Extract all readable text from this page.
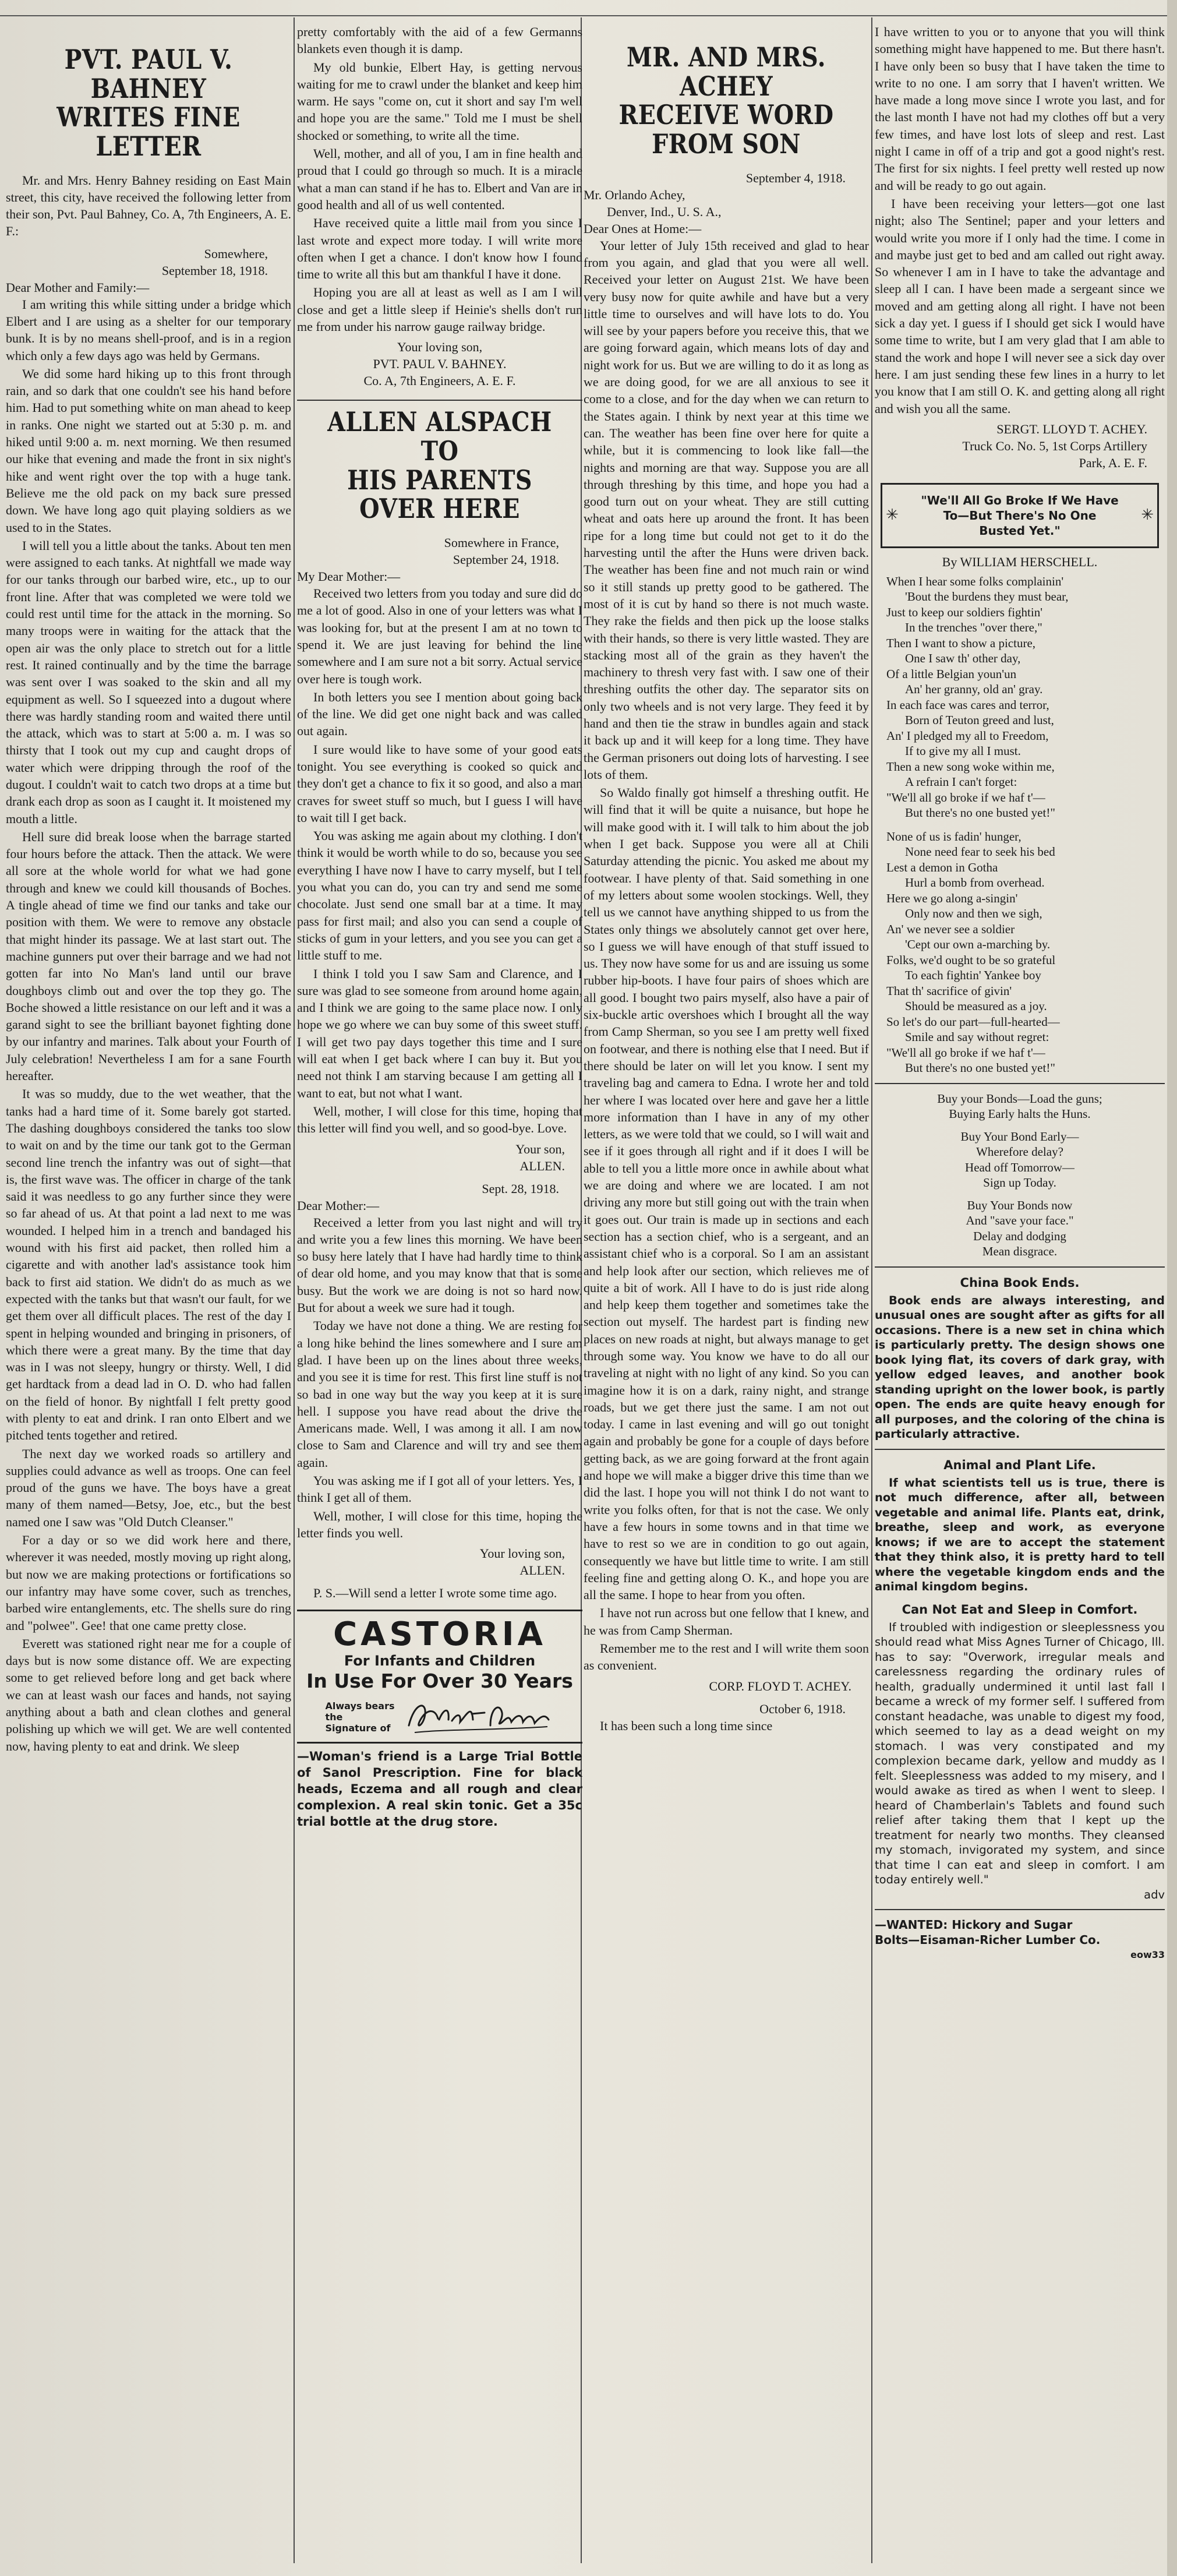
PVT. PAUL V. BAHNEY
WRITES FINE LETTER

Mr. and Mrs. Henry Bahney residing on East Main street, this city, have received the following letter from their son, Pvt. Paul Bahney, Co. A, 7th Engineers, A. E. F.:

Somewhere,
September 18, 1918.
Dear Mother and Family:—

I am writing this while sitting under a bridge which Elbert and I are using as a shelter for our temporary bunk. It is by no means shell-proof, and is in a region which only a few days ago was held by Germans.

We did some hard hiking up to this front through rain, and so dark that one couldn't see his hand before him. Had to put something white on man ahead to keep in ranks. One night we started out at 5:30 p. m. and hiked until 9:00 a. m. next morning. We then resumed our hike that evening and made the front in six night's hike and went right over the top with a huge tank. Believe me the old pack on my back sure pressed down. We have long ago quit playing soldiers as we used to in the States.

I will tell you a little about the tanks. About ten men were assigned to each tanks. At nightfall we made way for our tanks through our barbed wire, etc., up to our front line. After that was completed we were told we could rest until time for the attack in the morning. So many troops were in waiting for the attack that the open air was the only place to stretch out for a little rest. It rained continually and by the time the barrage was sent over I was soaked to the skin and all my equipment as well. So I squeezed into a dugout where there was hardly standing room and waited there until the attack, which was to start at 5:00 a. m. I was so thirsty that I took out my cup and caught drops of water which were dripping through the roof of the dugout. I couldn't wait to catch two drops at a time but drank each drop as soon as I caught it. It moistened my mouth a little.

Hell sure did break loose when the barrage started four hours before the attack. Then the attack. We were all sore at the whole world for what we had gone through and knew we could kill thousands of Boches. A tingle ahead of time we find our tanks and take our position with them. We were to remove any obstacle that might hinder its passage. We at last start out. The machine gunners put over their barrage and we had not gotten far into No Man's land until our brave doughboys climb out and over the top they go. The Boche showed a little resistance on our left and it was a garand sight to see the brilliant bayonet fighting done by our infantry and marines. Talk about your Fourth of July celebration! Nevertheless I am for a sane Fourth hereafter.

It was so muddy, due to the wet weather, that the tanks had a hard time of it. Some barely got started. The dashing doughboys considered the tanks too slow to wait on and by the time our tank got to the German second line trench the infantry was out of sight—that is, the first wave was. The officer in charge of the tank said it was needless to go any further since they were so far ahead of us. At that point a lad next to me was wounded. I helped him in a trench and bandaged his wound with his first aid packet, then rolled him a cigarette and with another lad's assistance took him back to first aid station. We didn't do as much as we expected with the tanks but that wasn't our fault, for we get them over all difficult places. The rest of the day I spent in helping wounded and bringing in prisoners, of which there were a great many. By the time that day was in I was not sleepy, hungry or thirsty. Well, I did get hardtack from a dead lad in O. D. who had fallen on the field of honor. By nightfall I felt pretty good with plenty to eat and drink. I ran onto Elbert and we pitched tents together and retired.

The next day we worked roads so artillery and supplies could advance as well as troops. One can feel proud of the guns we have. The boys have a great many of them named—Betsy, Joe, etc., but the best named one I saw was "Old Dutch Cleanser."

For a day or so we did work here and there, wherever it was needed, mostly moving up right along, but now we are making protections or fortifications so our infantry may have some cover, such as trenches, barbed wire entanglements, etc. The shells sure do ring and "polwee". Gee! that one came pretty close.

Everett was stationed right near me for a couple of days but is now some distance off. We are expecting some to get relieved before long and get back where we can at least wash our faces and hands, not saying anything about a bath and clean clothes and general polishing up which we will get. We are well contented now, having plenty to eat and drink. We sleep

pretty comfortably with the aid of a few Germanns blankets even though it is damp.

My old bunkie, Elbert Hay, is getting nervous waiting for me to crawl under the blanket and keep him warm. He says "come on, cut it short and say I'm well and hope you are the same." Told me I must be shell shocked or something, to write all the time.

Well, mother, and all of you, I am in fine health and proud that I could go through so much. It is a miracle what a man can stand if he has to. Elbert and Van are in good health and all of us well contented.

Have received quite a little mail from you since I last wrote and expect more today. I will write more often when I get a chance. I don't know how I found time to write all this but am thankful I have it done.

Hoping you are all at least as well as I am I will close and get a little sleep if Heinie's shells don't run me from under his narrow gauge railway bridge.

Your loving son,
PVT. PAUL V. BAHNEY.
Co. A, 7th Engineers, A. E. F.
ALLEN ALSPACH TO
HIS PARENTS OVER HERE
Somewhere in France,
September 24, 1918.
My Dear Mother:—

Received two letters from you today and sure did do me a lot of good. Also in one of your letters was what I was looking for, but at the present I am at no town to spend it. We are just leaving for behind the line somewhere and I am sure not a bit sorry. Actual service over here is tough work.

In both letters you see I mention about going back of the line. We did get one night back and was called out again.

I sure would like to have some of your good eats tonight. You see everything is cooked so quick and they don't get a chance to fix it so good, and also a man craves for sweet stuff so much, but I guess I will have to wait till I get back.

You was asking me again about my clothing. I don't think it would be worth while to do so, because you see everything I have now I have to carry myself, but I tell you what you can do, you can try and send me some chocolate. Just send one small bar at a time. It may pass for first mail; and also you can send a couple of sticks of gum in your letters, and you see you can get a little stuff to me.

I think I told you I saw Sam and Clarence, and I sure was glad to see someone from around home again, and I think we are going to the same place now. I only hope we go where we can buy some of this sweet stuff. I will get two pay days together this time and I sure will eat when I get back where I can buy it. But you need not think I am starving because I am getting all I want to eat, but not what I want.

Well, mother, I will close for this time, hoping that this letter will find you well, and so good-bye. Love.

Your son,
ALLEN.
Sept. 28, 1918.
Dear Mother:—

Received a letter from you last night and will try and write you a few lines this morning. We have been so busy here lately that I have had hardly time to think of dear old home, and you may know that that is some busy. But the work we are doing is not so hard now. But for about a week we sure had it tough.

Today we have not done a thing. We are resting for a long hike behind the lines somewhere and I sure am glad. I have been up on the lines about three weeks, and you see it is time for rest. This first line stuff is not so bad in one way but the way you keep at it is sure hell. I suppose you have read about the drive the Americans made. Well, I was among it all. I am now close to Sam and Clarence and will try and see them again.

You was asking me if I got all of your letters. Yes, I think I get all of them.

Well, mother, I will close for this time, hoping the letter finds you well.

Your loving son,
ALLEN.

P. S.—Will send a letter I wrote some time ago.

CASTORIA
For Infants and Children
In Use For Over 30 Years
Always bears
the
Signature of
—Woman's friend is a Large Trial Bottle of Sanol Prescription. Fine for black heads, Eczema and all rough and clear complexion. A real skin tonic. Get a 35c trial bottle at the drug store.
MR. AND MRS. ACHEY
RECEIVE WORD FROM SON
September 4, 1918.
Mr. Orlando Achey,
Denver, Ind., U. S. A.,
Dear Ones at Home:—

Your letter of July 15th received and glad to hear from you again, and glad that you were all well. Received your letter on August 21st. We have been very busy now for quite awhile and have but a very little time to ourselves and will have lots to do. You will see by your papers before you receive this, that we are going forward again, which means lots of day and night work for us. But we are willing to do it as long as we are doing good, for we are all anxious to see it come to a close, and for the day when we can return to the States again. I think by next year at this time we can. The weather has been fine over here for quite a while, but it is commencing to look like fall—the nights and morning are that way. Suppose you are all through threshing by this time, and hope you had a good turn out on your wheat. They are still cutting wheat and oats here up around the front. It has been ripe for a long time but could not get to it do the harvesting until the after the Huns were driven back. The weather has been fine and not much rain or wind so it still stands up pretty good to be gathered. The most of it is cut by hand so there is not much waste. They rake the fields and then pick up the loose stalks with their hands, so there is very little wasted. They are stacking most all of the grain as they haven't the machinery to thresh very fast with. I saw one of their threshing outfits the other day. The separator sits on only two wheels and is not very large. They feed it by hand and then tie the straw in bundles again and stack it back up and it will keep for a long time. They have the German prisoners out doing lots of harvesting. I see lots of them.

So Waldo finally got himself a threshing outfit. He will find that it will be quite a nuisance, but hope he will make good with it. I will talk to him about the job when I get back. Suppose you were all at Chili Saturday attending the picnic. You asked me about my footwear. I have plenty of that. Said something in one of my letters about some woolen stockings. Well, they tell us we cannot have anything shipped to us from the States only things we absolutely cannot get over here, so I guess we will have enough of that stuff issued to us. They now have some for us and are issuing us some rubber hip-boots. I have four pairs of shoes which are all good. I bought two pairs myself, also have a pair of six-buckle artic overshoes which I brought all the way from Camp Sherman, so you see I am pretty well fixed on footwear, and there is nothing else that I need. But if there should be later on will let you know. I sent my traveling bag and camera to Edna. I wrote her and told her where I was located over here and gave her a little more information than I have in any of my other letters, as we were told that we could, so I will wait and see if it goes through all right and if it does I will be able to tell you a little more once in awhile about what we are doing and where we are located. I am not driving any more but still going out with the train when it goes out. Our train is made up in sections and each section has a section chief, who is a sergeant, and an assistant chief who is a corporal. So I am an assistant and help look after our section, which relieves me of quite a bit of work. All I have to do is just ride along and help keep them together and sometimes take the section out myself. The hardest part is finding new places on new roads at night, but always manage to get through some way. You know we have to do all our traveling at night with no light of any kind. So you can imagine how it is on a dark, rainy night, and strange roads, but we get there just the same. I am not out today. I came in last evening and will go out tonight again and probably be gone for a couple of days before getting back, as we are going forward at the front again and hope we will make a bigger drive this time than we did the last. I hope you will not think I do not want to write you folks often, for that is not the case. We only have a few hours in some towns and in that time we have to rest so we are in condition to go out again, consequently we have but little time to write. I am still feeling fine and getting along O. K., and hope you are all the same. I hope to hear from you often.

I have not run across but one fellow that I knew, and he was from Camp Sherman.

Remember me to the rest and I will write them soon as convenient.

CORP. FLOYD T. ACHEY.
October 6, 1918.

It has been such a long time since

I have written to you or to anyone that you will think something might have happened to me. But there hasn't. I have only been so busy that I have taken the time to write to no one. I am sorry that I haven't written. We have made a long move since I wrote you last, and for the last month I have not had my clothes off but a very few times, and have lost lots of sleep and rest. Last night I came in off of a trip and got a good night's rest. The first for six nights. I feel pretty well rested up now and will be ready to go out again.

I have been receiving your letters—got one last night; also The Sentinel; paper and your letters and would write you more if I only had the time. I come in and maybe just get to bed and am called out right away. So whenever I am in I have to take the advantage and sleep all I can. I have been made a sergeant since we moved and am getting along all right. I have not been sick a day yet. I guess if I should get sick I would have some time to write, but I am very glad that I am able to stand the work and hope I will never see a sick day over here. I am just sending these few lines in a hurry to let you know that I am still O. K. and getting along all right and wish you all the same.

SERGT. LLOYD T. ACHEY.
Truck Co. No. 5, 1st Corps Artillery
Park, A. E. F.
✳	✳
"We'll All Go Broke If We Have
To—But There's No One
Busted Yet."
By WILLIAM HERSCHELL.
When I hear some folks complainin'
'Bout the burdens they must bear,
Just to keep our soldiers fightin'
In the trenches "over there,"
Then I want to show a picture,
One I saw th' other day,
Of a little Belgian youn'un
An' her granny, old an' gray.
In each face was cares and terror,
Born of Teuton greed and lust,
An' I pledged my all to Freedom,
If to give my all I must.
Then a new song woke within me,
A refrain I can't forget:
"We'll all go broke if we haf t'—
But there's no one busted yet!"
None of us is fadin' hunger,
None need fear to seek his bed
Lest a demon in Gotha
Hurl a bomb from overhead.
Here we go along a-singin'
Only now and then we sigh,
An' we never see a soldier
'Cept our own a-marching by.
Folks, we'd ought to be so grateful
To each fightin' Yankee boy
That th' sacrifice of givin'
Should be measured as a joy.
So let's do our part—full-hearted—
Smile and say without regret:
"We'll all go broke if we haf t'—
But there's no one busted yet!"
Buy your Bonds—Load the guns;
Buying Early halts the Huns.
Buy Your Bond Early—
Wherefore delay?
Head off Tomorrow—
Sign up Today.
Buy Your Bonds now
And "save your face."
Delay and dodging
Mean disgrace.
China Book Ends.

Book ends are always interesting, and unusual ones are sought after as gifts for all occasions. There is a new set in china which is particularly pretty. The design shows one book lying flat, its covers of dark gray, with yellow edged leaves, and another book standing upright on the lower book, is partly open. The ends are quite heavy enough for all purposes, and the coloring of the china is particularly attractive.

Animal and Plant Life.

If what scientists tell us is true, there is not much difference, after all, between vegetable and animal life. Plants eat, drink, breathe, sleep and work, as everyone knows; if we are to accept the statement that they think also, it is pretty hard to tell where the vegetable kingdom ends and the animal kingdom begins.

Can Not Eat and Sleep in Comfort.

If troubled with indigestion or sleeplessness you should read what Miss Agnes Turner of Chicago, Ill. has to say: "Overwork, irregular meals and carelessness regarding the ordinary rules of health, gradually undermined it until last fall I became a wreck of my former self. I suffered from constant headache, was unable to digest my food, which seemed to lay as a dead weight on my stomach. I was very constipated and my complexion became dark, yellow and muddy as I felt. Sleeplessness was added to my misery, and I would awake as tired as when I went to sleep. I heard of Chamberlain's Tablets and found such relief after taking them that I kept up the treatment for nearly two months. They cleansed my stomach, invigorated my system, and since that time I can eat and sleep in comfort. I am today entirely well."

adv

—WANTED: Hickory and Sugar
Bolts—Eisaman-Richer Lumber Co.
eow33
